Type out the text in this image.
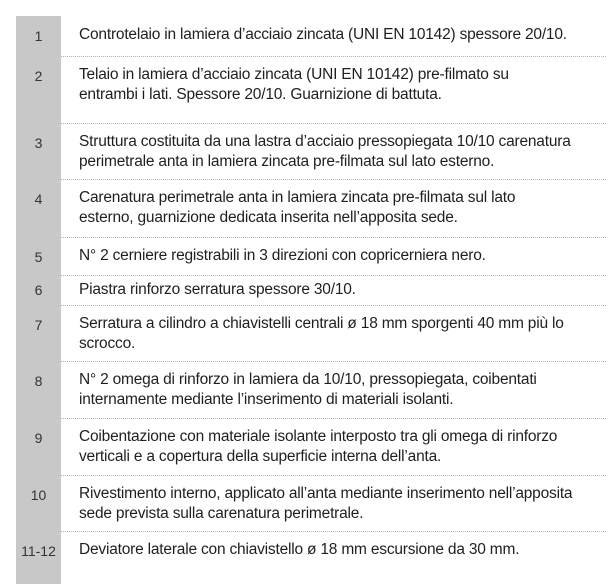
1	Controtelaio in lamiera d’acciaio zincata (UNI EN 10142) spessore 20/10.
2	Telaio in lamiera d’acciaio zincata (UNI EN 10142) pre-filmato su entrambi i lati. Spessore 20/10. Guarnizione di battuta.
3	Struttura costituita da una lastra d’acciaio pressopiegata 10/10 carenatura perimetrale anta in lamiera zincata pre-filmata sul lato esterno.
4	Carenatura perimetrale anta in lamiera zincata pre-filmata sul lato esterno, guarnizione dedicata inserita nell’apposita sede.
5	N° 2 cerniere registrabili in 3 direzioni con copricerniera nero.
6	Piastra rinforzo serratura spessore 30/10.
7	Serratura a cilindro a chiavistelli centrali ø 18 mm sporgenti 40 mm più lo scrocco.
8	N° 2 omega di rinforzo in lamiera da 10/10, pressopiegata, coibentati internamente mediante l’inserimento di materiali isolanti.
9	Coibentazione con materiale isolante interposto tra gli omega di rinforzo verticali e a copertura della superficie interna dell’anta.
10	Rivestimento interno, applicato all’anta mediante inserimento nell’apposita sede prevista sulla carenatura perimetrale.
11-12	Deviatore laterale con chiavistello ø 18 mm escursione da 30 mm.
